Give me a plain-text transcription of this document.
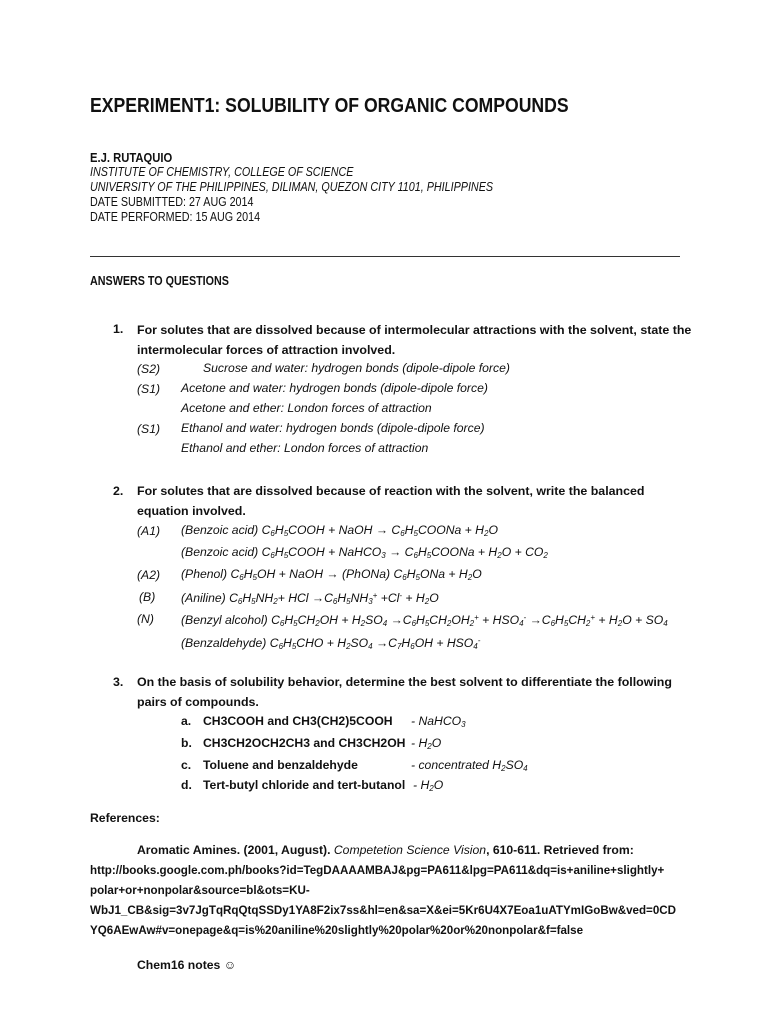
EXPERIMENT1: SOLUBILITY OF ORGANIC COMPOUNDS
E.J. RUTAQUIO
INSTITUTE OF CHEMISTRY, COLLEGE OF SCIENCE
UNIVERSITY OF THE PHILIPPINES, DILIMAN, QUEZON CITY 1101, PHILIPPINES
DATE SUBMITTED: 27 AUG 2014
DATE PERFORMED: 15 AUG 2014
ANSWERS TO QUESTIONS
1. For solutes that are dissolved because of intermolecular attractions with the solvent, state the
intermolecular forces of attraction involved.
(S2)	Sucrose and water: hydrogen bonds (dipole-dipole force)
(S1) Acetone and water: hydrogen bonds (dipole-dipole force)
Acetone and ether: London forces of attraction
(S1) Ethanol and water: hydrogen bonds (dipole-dipole force)
Ethanol and ether: London forces of attraction
2. For solutes that are dissolved because of reaction with the solvent, write the balanced
equation involved.
(A1) (Benzoic acid) $C_6H_5COOH$ + NaOH → $C_6H_5COONa + H_2O$
(Benzoic acid) $C_6H_5COOH$ + NaHCO$_3$ → $C_6H_5COONa + H_2O + CO_2$
(A2) (Phenol) $C_6H_5OH$ + NaOH → (PhONa) $C_6H_5ONa + H_2O$
(B) (Aniline) $C_6H_5NH_2+$ HCl $\to C_6H_5NH_3^+ +Cl^- + H_2O$
(N) (Benzyl alcohol) $C_6H_5CH_2OH + H_2SO_4 \to C_6H_5CH_2OH_2^+ + HSO_4^- \to C_6H_5CH_2^+ + H_2O + SO_4$
(Benzaldehyde) $C_6H_5CHO + H_2SO_4 \to C_7H_6OH + HSO_4^-$
3. On the basis of solubility behavior, determine the best solvent to differentiate the following
pairs of compounds.
a. CH3COOH and CH3(CH2)5COOH - NaHCO$_3$
b. CH3CH2OCH2CH3 and $CH3CH2OH - H_2O$
c. Toluene and benzaldehyde	- concentrated $H_2SO_4$
d. Tert-butyl chloride and tert-butanol - $H_2O$
References:
Aromatic Amines. (2001, August). Competetion Science Vision, 610-611. Retrieved from:
http://books.google.com.ph/books?id=TegDAAAAMBAJ&pg=PA611&lpg=PA611&dq=is+aniline+slightly+
polar+or+nonpolar&source=bl&ots=KU-
WbJ1_CB&sig=3v7JgTqRqQtqSSDy1YA8F2ix7ss&hl=en&sa=X&ei=5Kr6U4X7Eoa1uATYmIGoBw&ved=0CD
YQ6AEwAw#v=onepage&q=is%20aniline%20slightly%20polar%20or%20nonpolar&f=false
Chem16 notes ☺
